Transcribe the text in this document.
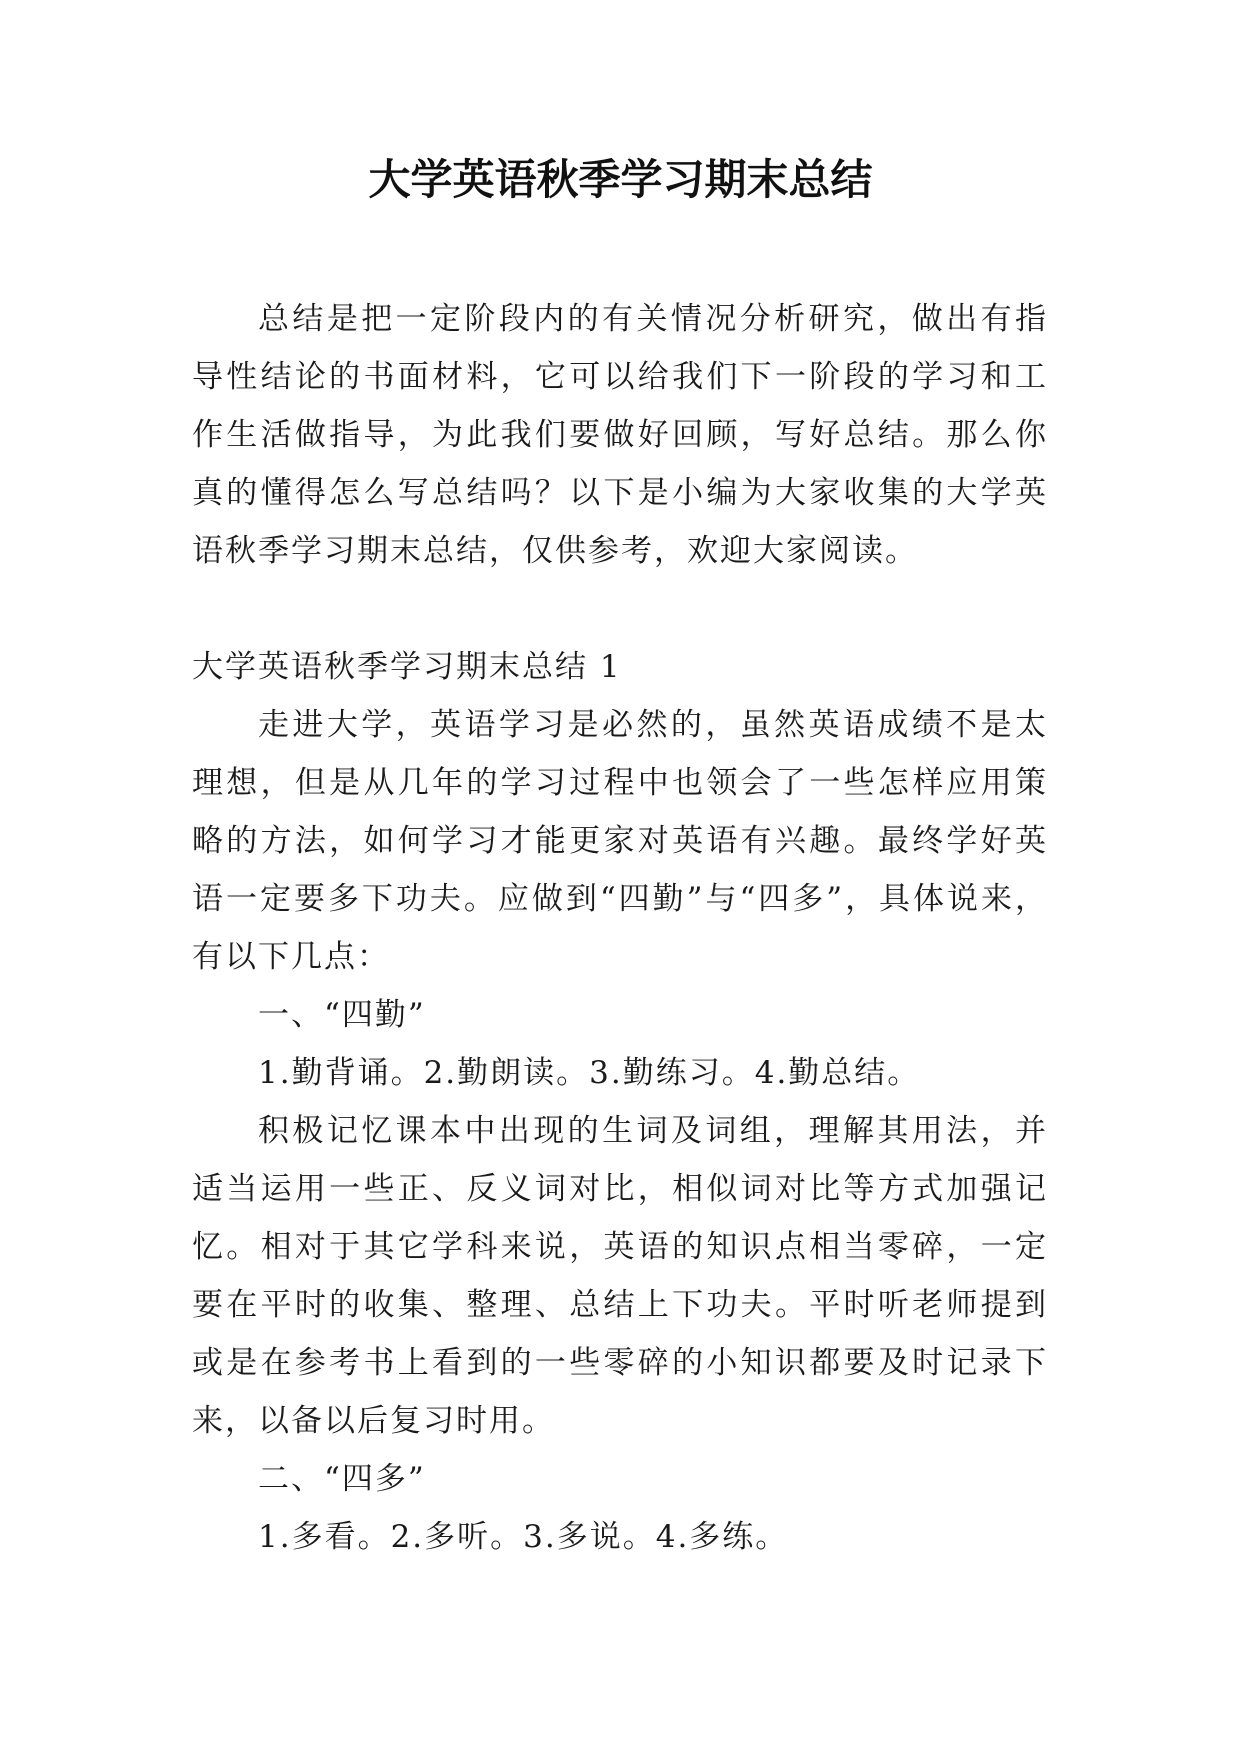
大学英语秋季学习期末总结

总结是把一定阶段内的有关情况分析研究，做出有指导性结论的书面材料，它可以给我们下一阶段的学习和工作生活做指导，为此我们要做好回顾，写好总结。那么你真的懂得怎么写总结吗？以下是小编为大家收集的大学英语秋季学习期末总结，仅供参考，欢迎大家阅读。

大学英语秋季学习期末总结 1

走进大学，英语学习是必然的，虽然英语成绩不是太理想，但是从几年的学习过程中也领会了一些怎样应用策略的方法，如何学习才能更家对英语有兴趣。最终学好英语一定要多下功夫。应做到“四勤”与“四多”，具体说来，有以下几点：

一、“四勤”

1.勤背诵。2.勤朗读。3.勤练习。4.勤总结。

积极记忆课本中出现的生词及词组，理解其用法，并适当运用一些正、反义词对比，相似词对比等方式加强记忆。相对于其它学科来说，英语的知识点相当零碎，一定要在平时的收集、整理、总结上下功夫。平时听老师提到或是在参考书上看到的一些零碎的小知识都要及时记录下来，以备以后复习时用。

二、“四多”

1.多看。2.多听。3.多说。4.多练。
